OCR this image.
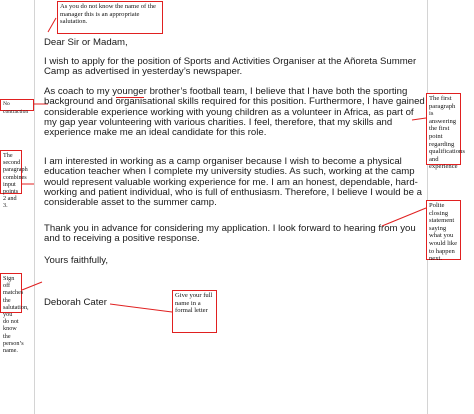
Dear Sir or Madam,

I wish to apply for the position of Sports and Activities Organiser at the Añoreta Summer Camp as advertised in yesterday’s newspaper.

As coach to my younger brother’s football team, I believe that I have both the sporting background and organisational skills required for this position. Furthermore, I have gained considerable experience working with young children as a volunteer in Africa, as part of my gap year volunteering with various charities. I feel, therefore, that my skills and experience make me an ideal candidate for this role.

I am interested in working as a camp organiser because I wish to become a physical education teacher when I complete my university studies. As such, working at the camp would represent valuable working experience for me. I am an honest, dependable, hard-working and patient individual, who is full of enthusiasm. Therefore, I believe I would be a considerable asset to the summer camp.

Thank you in advance for considering my application. I look forward to hearing from you and to receiving a positive response.

Yours faithfully,

Deborah Cater

As you do not know the name of the manager this is an appropriate salutation.
No contraction
The second paragraph combines input points 2 and 3.
Sign off matches the salutation, you do not know the person’s name.
The first paragraph is answering the first point regarding qualifications and experience
Polite closing statement saying what you would like to happen next.
Give your full name in a formal letter
